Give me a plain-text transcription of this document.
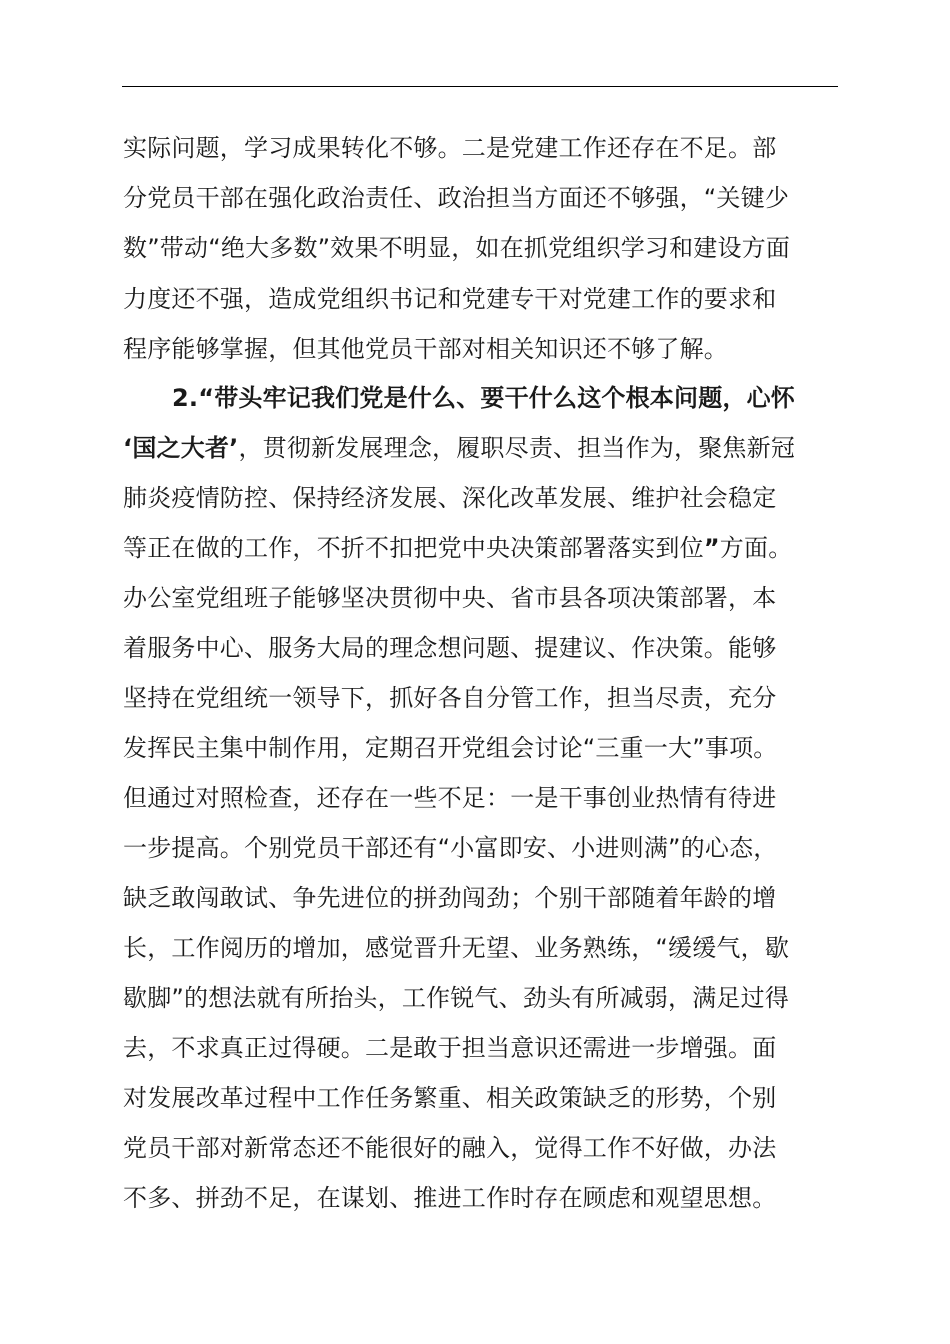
实际问题，学习成果转化不够。二是党建工作还存在不足。部
分党员干部在强化政治责任、政治担当方面还不够强，“关键少
数”带动“绝大多数”效果不明显，如在抓党组织学习和建设方面
力度还不强，造成党组织书记和党建专干对党建工作的要求和
程序能够掌握，但其他党员干部对相关知识还不够了解。
2.“带头牢记我们党是什么、要干什么这个根本问题，心怀
‘国之大者’，贯彻新发展理念，履职尽责、担当作为，聚焦新冠
肺炎疫情防控、保持经济发展、深化改革发展、维护社会稳定
等正在做的工作，不折不扣把党中央决策部署落实到位”方面。
办公室党组班子能够坚决贯彻中央、省市县各项决策部署，本
着服务中心、服务大局的理念想问题、提建议、作决策。能够
坚持在党组统一领导下，抓好各自分管工作，担当尽责，充分
发挥民主集中制作用，定期召开党组会讨论“三重一大”事项。
但通过对照检查，还存在一些不足：一是干事创业热情有待进
一步提高。个别党员干部还有“小富即安、小进则满”的心态，
缺乏敢闯敢试、争先进位的拼劲闯劲；个别干部随着年龄的增
长，工作阅历的增加，感觉晋升无望、业务熟练，“缓缓气，歇
歇脚”的想法就有所抬头，工作锐气、劲头有所减弱，满足过得
去，不求真正过得硬。二是敢于担当意识还需进一步增强。面
对发展改革过程中工作任务繁重、相关政策缺乏的形势，个别
党员干部对新常态还不能很好的融入，觉得工作不好做，办法
不多、拼劲不足，在谋划、推进工作时存在顾虑和观望思想。
